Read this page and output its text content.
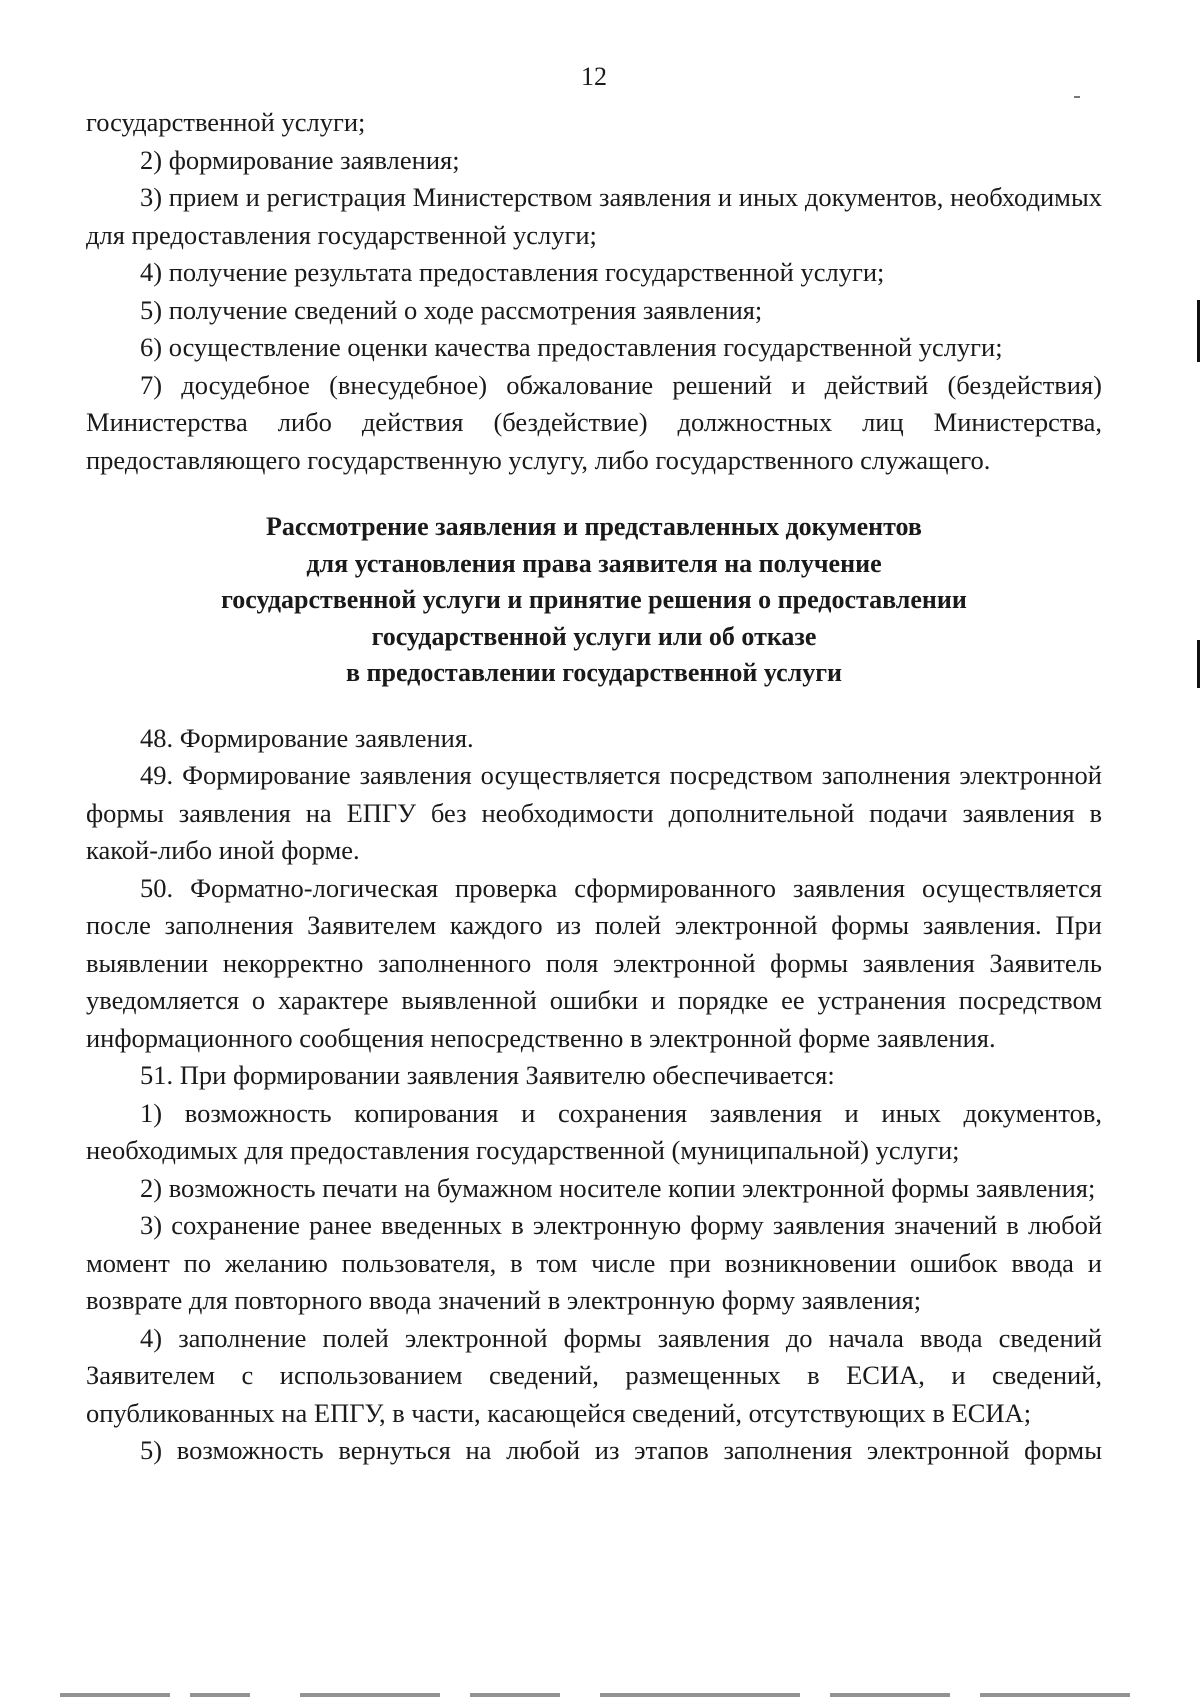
12

государственной услуги;

2) формирование заявления;

3) прием и регистрация Министерством заявления и иных документов, необходимых для предоставления государственной услуги;

4) получение результата предоставления государственной услуги;

5) получение сведений о ходе рассмотрения заявления;

6) осуществление оценки качества предоставления государственной услуги;

7) досудебное (внесудебное) обжалование решений и действий (бездействия) Министерства либо действия (бездействие) должностных лиц Министерства, предоставляющего государственную услугу, либо государственного служащего.

Рассмотрение заявления и представленных документов
для установления права заявителя на получение
государственной услуги и принятие решения о предоставлении
государственной услуги или об отказе
в предоставлении государственной услуги

48. Формирование заявления.

49. Формирование заявления осуществляется посредством заполнения электронной формы заявления на ЕПГУ без необходимости дополнительной подачи заявления в какой-либо иной форме.

50. Форматно-логическая проверка сформированного заявления осуществляется после заполнения Заявителем каждого из полей электронной формы заявления. При выявлении некорректно заполненного поля электронной формы заявления Заявитель уведомляется о характере выявленной ошибки и порядке ее устранения посредством информационного сообщения непосредственно в электронной форме заявления.

51. При формировании заявления Заявителю обеспечивается:

1) возможность копирования и сохранения заявления и иных документов, необходимых для предоставления государственной (муниципальной) услуги;

2) возможность печати на бумажном носителе копии электронной формы заявления;

3) сохранение ранее введенных в электронную форму заявления значений в любой момент по желанию пользователя, в том числе при возникновении ошибок ввода и возврате для повторного ввода значений в электронную форму заявления;

4) заполнение полей электронной формы заявления до начала ввода сведений Заявителем с использованием сведений, размещенных в ЕСИА, и сведений, опубликованных на ЕПГУ, в части, касающейся сведений, отсутствующих в ЕСИА;

5) возможность вернуться на любой из этапов заполнения электронной формы
